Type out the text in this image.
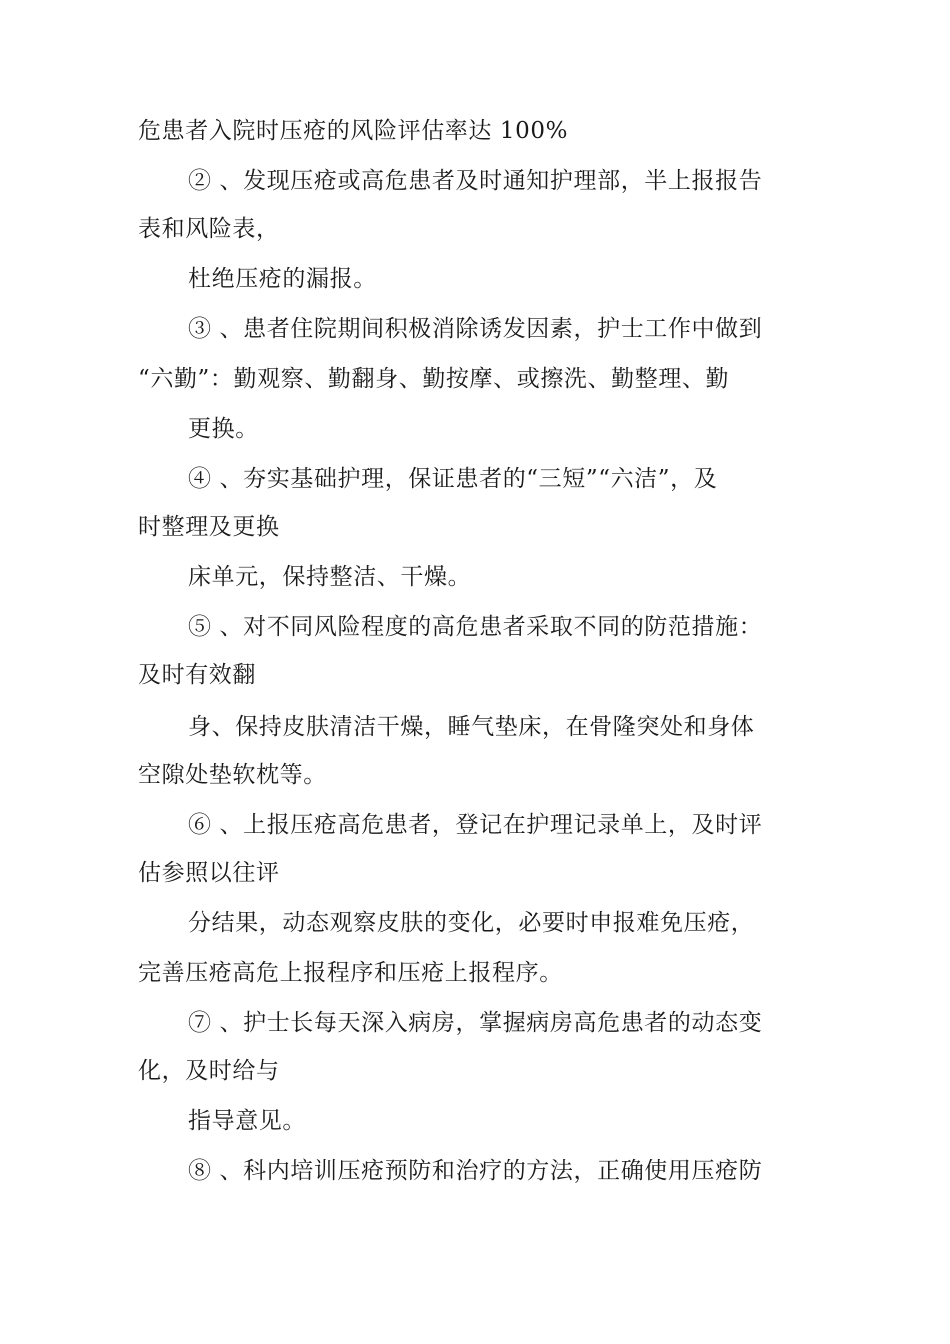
危患者入院时压疮的风险评估率达 100%
② 、发现压疮或高危患者及时通知护理部，半上报报告
表和风险表，
杜绝压疮的漏报。
③ 、患者住院期间积极消除诱发因素，护士工作中做到
“六勤”：勤观察、勤翻身、勤按摩、或擦洗、勤整理、勤
更换。
④ 、夯实基础护理，保证患者的“三短”“六洁”，及
时整理及更换
床单元，保持整洁、干燥。
⑤ 、对不同风险程度的高危患者采取不同的防范措施：
及时有效翻
身、保持皮肤清洁干燥，睡气垫床，在骨隆突处和身体
空隙处垫软枕等。
⑥ 、上报压疮高危患者，登记在护理记录单上，及时评
估参照以往评
分结果，动态观察皮肤的变化，必要时申报难免压疮，
完善压疮高危上报程序和压疮上报程序。
⑦ 、护士长每天深入病房，掌握病房高危患者的动态变
化，及时给与
指导意见。
⑧ 、科内培训压疮预防和治疗的方法，正确使用压疮防
